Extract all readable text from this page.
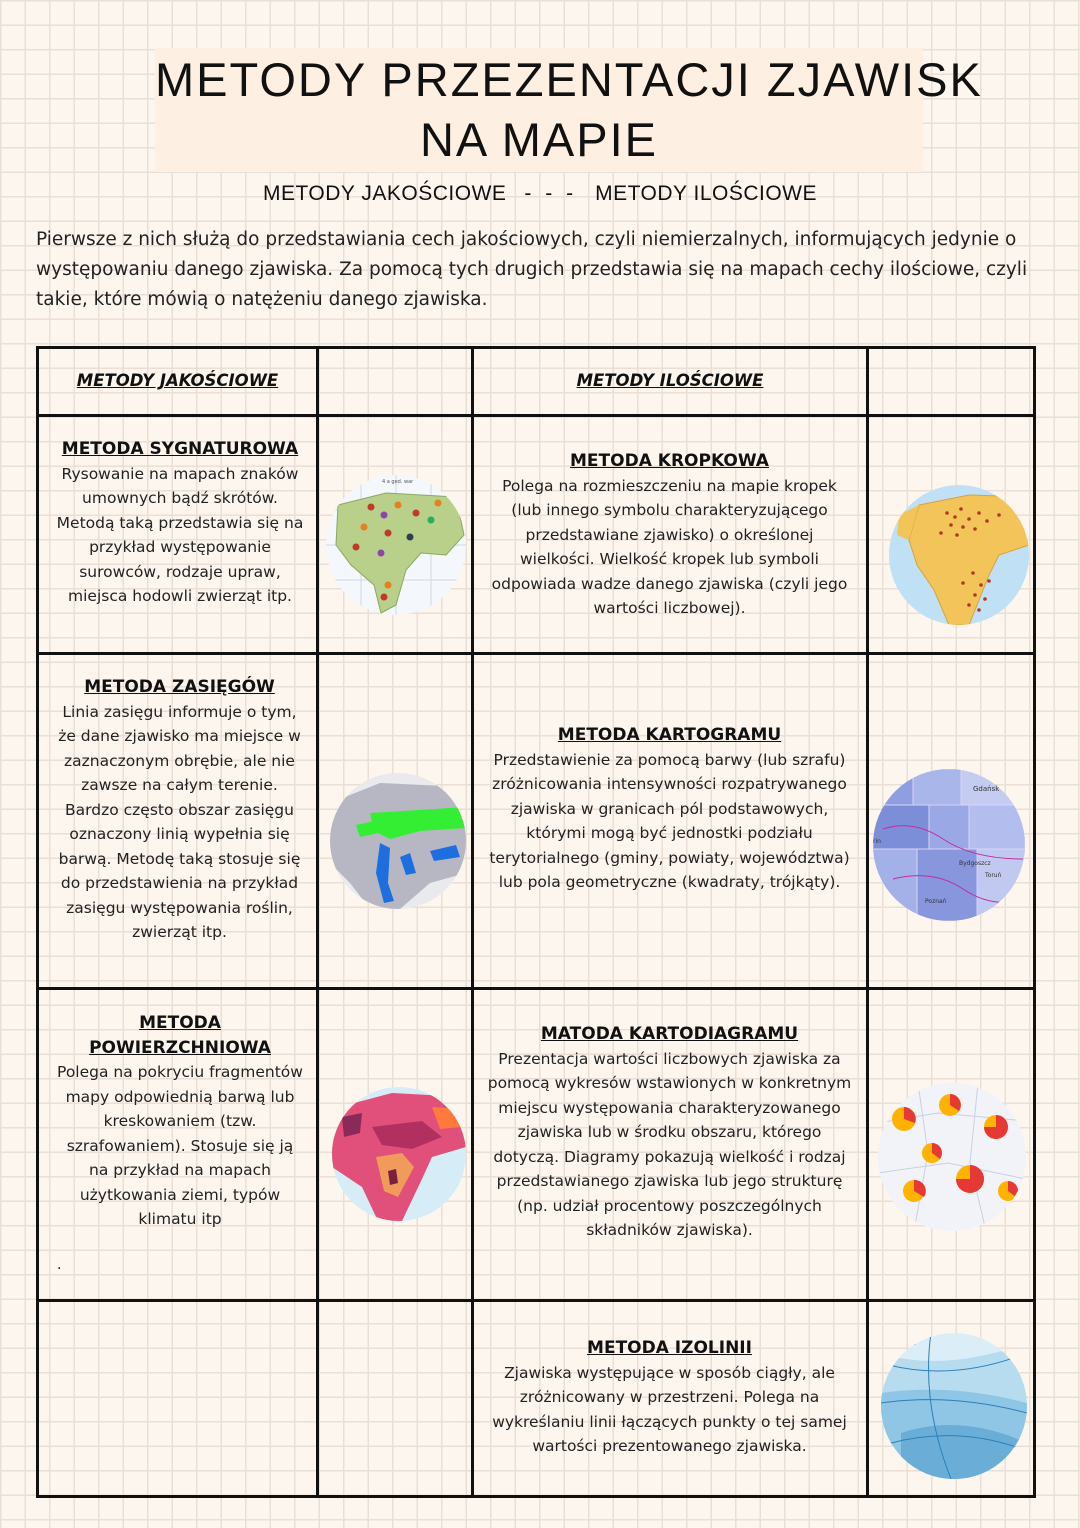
METODY PRZEZENTACJI ZJAWISK
NA MAPIE
METODY JAKOŚCIOWE - - - METODY ILOŚCIOWE
Pierwsze z nich służą do przedstawiania cech jakościowych, czyli niemierzalnych, informujących jedynie o występowaniu danego zjawiska. Za pomocą tych drugich przedstawia się na mapach cechy ilościowe, czyli takie, które mówią o natężeniu danego zjawiska.
METODY JAKOŚCIOWE	METODY ILOŚCIOWE
METODA SYGNATUROWA
Rysowanie na mapach znaków umownych bądź skrótów. Metodą taką przedstawia się na przykład występowanie surowców, rodzaje upraw, miejsca hodowli zwierząt itp.
METODA ZASIĘGÓW
Linia zasięgu informuje o tym, że dane zjawisko ma miejsce w zaznaczonym obrębie, ale nie zawsze na całym terenie. Bardzo często obszar zasięgu oznaczony linią wypełnia się barwą. Metodę taką stosuje się do przedstawienia na przykład zasięgu występowania roślin, zwierząt itp.
METODA POWIERZCHNIOWA
Polega na pokryciu fragmentów mapy odpowiednią barwą lub kreskowaniem (tzw. szrafowaniem). Stosuje się ją na przykład na mapach użytkowania ziemi, typów klimatu itp
.
METODA KROPKOWA
Polega na rozmieszczeniu na mapie kropek (lub innego symbolu charakteryzującego przedstawiane zjawisko) o określonej wielkości. Wielkość kropek lub symboli odpowiada wadze danego zjawiska (czyli jego wartości liczbowej).
METODA KARTOGRAMU
Przedstawienie za pomocą barwy (lub szrafu) zróżnicowania intensywności rozpatrywanego zjawiska w granicach pól podstawowych, którymi mogą być jednostki podziału terytorialnego (gminy, powiaty, województwa) lub pola geometryczne (kwadraty, trójkąty).
MATODA KARTODIAGRAMU
Prezentacja wartości liczbowych zjawiska za pomocą wykresów wstawionych w konkretnym miejscu występowania charakteryzowanego zjawiska lub w środku obszaru, którego dotyczą. Diagramy pokazują wielkość i rodzaj przedstawianego zjawiska lub jego strukturę (np. udział procentowy poszczególnych składników zjawiska).
METODA IZOLINII
Zjawiska występujące w sposób ciągły, ale zróżnicowany w przestrzeni. Polega na wykreślaniu linii łączących punkty o tej samej wartości prezentowanego zjawiska.
4 a ged. war
Gdańsk
Bydgoszcz
Toruń
Poznań
a ch
rin
rym
EUROPA
